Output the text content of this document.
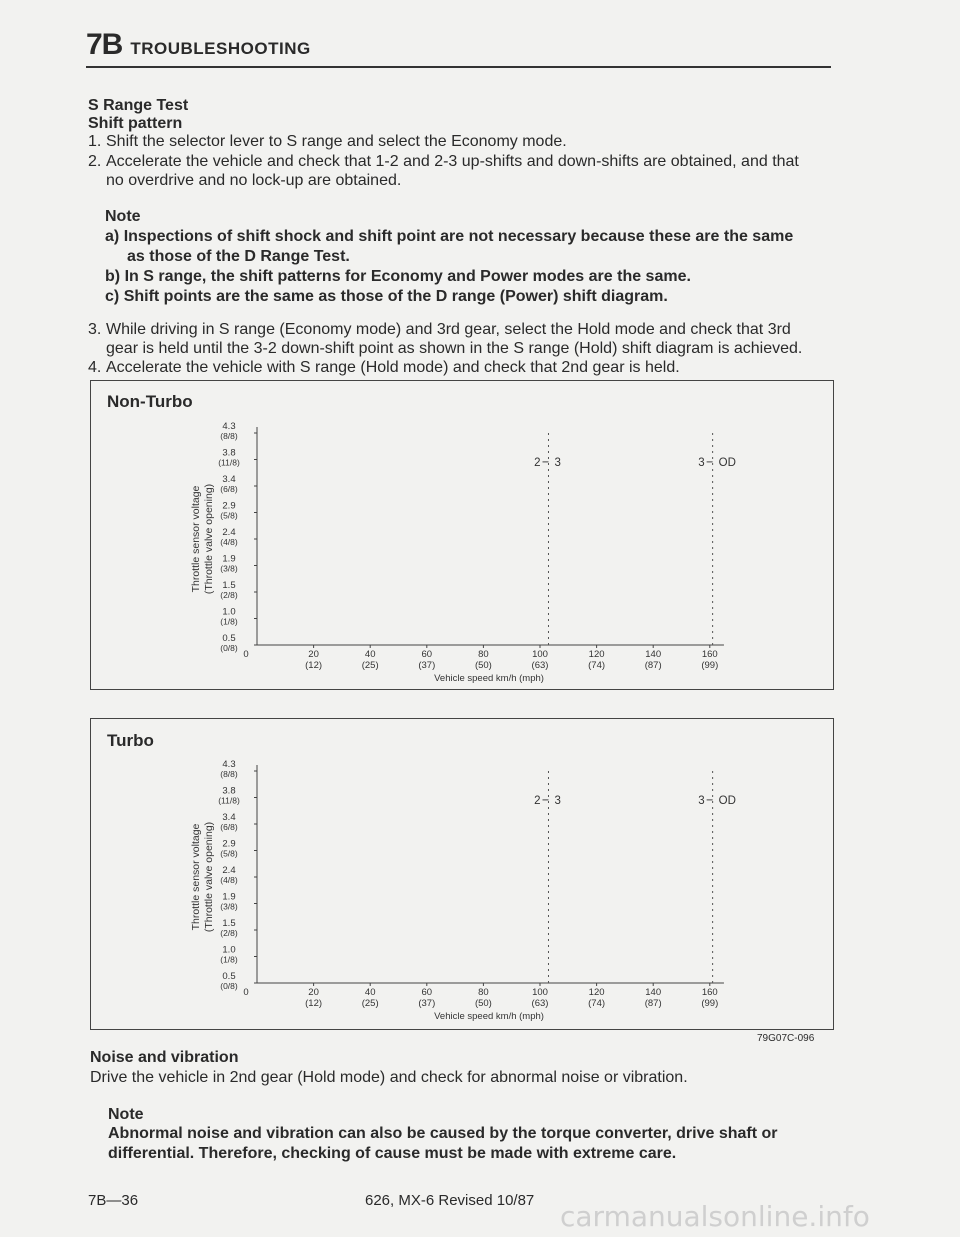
7B TROUBLESHOOTING
S Range Test
Shift pattern
1. Shift the selector lever to S range and select the Economy mode.
2. Accelerate the vehicle and check that 1-2 and 2-3 up-shifts and down-shifts are obtained, and that
no overdrive and no lock-up are obtained.
Note
a) Inspections of shift shock and shift point are not necessary because these are the same
as those of the D Range Test.
b) In S range, the shift patterns for Economy and Power modes are the same.
c) Shift points are the same as those of the D range (Power) shift diagram.
3. While driving in S range (Economy mode) and 3rd gear, select the Hold mode and check that 3rd
gear is held until the 3-2 down-shift point as shown in the S range (Hold) shift diagram is achieved.
4. Accelerate the vehicle with S range (Hold mode) and check that 2nd gear is held.
Non-Turbo
0.5
(0/8)
1.0
(1/8)
1.5
(2/8)
1.9
(3/8)
2.4
(4/8)
2.9
(5/8)
3.4
(6/8)
3.8
(11/8)
4.3
(8/8)
Throttle sensor voltage (Throttle valve opening)
0	20
(12)
40
(25)
60
(37)
80
(50)
100
(63)
120
(74)
140
(87)
160
(99)
Vehicle speed km/h (mph)
2 3	3 OD
Turbo
0.5
(0/8)
1.0
(1/8)
1.5
(2/8)
1.9
(3/8)
2.4
(4/8)
2.9
(5/8)
3.4
(6/8)
3.8
(11/8)
4.3
(8/8)
Throttle sensor voltage (Throttle valve opening)
0	20
(12)
40
(25)
60
(37)
80
(50)
100
(63)
120
(74)
140
(87)
160
(99)
Vehicle speed km/h (mph)
2 3	3 OD
79G07C-096
Noise and vibration
Drive the vehicle in 2nd gear (Hold mode) and check for abnormal noise or vibration.
Note
Abnormal noise and vibration can also be caused by the torque converter, drive shaft or
differential. Therefore, checking of cause must be made with extreme care.
7B—36	626, MX-6 Revised 10/87 carmanualsonline.info
